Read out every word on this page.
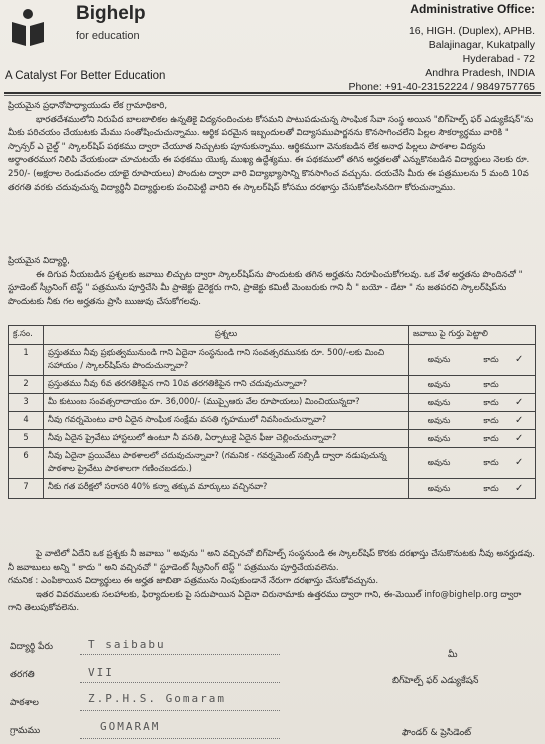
Bighelp
for education
A Catalyst For Better Education
Administrative Office:
16, HIGH. (Duplex), APHB.
Balajinagar, Kukatpally
Hyderabad - 72
Andhra Pradesh, INDIA
Phone: +91-40-23152224 / 9849757765

ప్రియమైన ప్రధానోపాధ్యాయుడు లేక గ్రామాధికారి,

భారతదేశములోని నిరుపేద బాలబాలికల ఉన్నతికై విద్యనందించుట కోసమని పాటుపడుచున్న సాంఘిక సేవా సంస్థ అయిన "బిగ్‌హెల్ప్ ఫర్ ఎడ్యుకేషన్"ను మీకు పరిచయం చేయుటకు మేము సంతోషించుచున్నాము. ఆర్థిక పరమైన ఇబ్బందులతో విద్యాసముపార్జనను కొనసాగించలేని పిల్లల సౌకర్యార్ధము వారికి " స్పాన్సర్ ఎ చైల్డ్ " స్కాలర్‌షిప్ పథకము ద్వారా చేయూత నిచ్చుటకు పూనుకున్నాము. ఆర్థికముగా వెనుకబడిన లేక అనాధ పిల్లలు పాఠశాల విద్యను అర్ధాంతరముగ నిలిపి వేయకుండా చూచుటయే ఈ పథకము యొక్క ముఖ్య ఉద్దేశ్యము. ఈ పథకములో తగిన అర్హతలతో ఎన్నుకొనబడిన విద్యార్థులు నెలకు రూ. 250/- (అక్షరాల రెండువందల యాభై రూపాయలు) పొందుట ద్వారా వారి విద్యాభ్యాసాన్ని కొనసాగించ వచ్చును. దయచేసి మీరు ఈ పత్రములను 5 మంది 10వ తరగతి వరకు చదువుచున్న విద్యార్థినీ విద్యార్థులకు పంచిపెట్టి వారిని ఈ స్కాలర్‌షిప్ కోసము దరఖాస్తు చేసుకోవలసినదిగా కోరుచున్నాము.

ప్రియమైన విద్యార్థి,

ఈ దిగువ నీయబడిన ప్రశ్నలకు జవాబు లిచ్చుట ద్వారా స్కాలర్‌షిప్‌ను పొందుటకు తగిన అర్హతను నిరూపించుకోగలవు. ఒక వేళ అర్హతను పొందినచో " స్టూడెంట్ స్క్రీనింగ్ టెస్ట్ " పత్రమును పూర్తిచేసి మీ ప్రాజెక్టు డైరెక్టరు గాని, ప్రాజెక్టు కమిటీ మెంబరుకు గాని నీ " బయో - డేటా " ను జతపరచి స్కాలర్‌షిప్‌ను పొందుటకు నీకు గల అర్హతను ప్రాసి ఋజువు చేసుకోగలవు.

క్ర.సం.	ప్రశ్నలు	జవాబు పై గుర్తు పెట్టాలి
1	ప్రస్తుతము నీవు ప్రభుత్వమునుండి గాని ఏదైనా సంస్థనుండి గాని సంవత్సరమునకు రూ. 500/-లకు మించి సహాయం / స్కాలర్‌షిప్‌ను పొందుచున్నావా?	అవును కాదు ✓
2	ప్రస్తుతము నీవు 6వ తరగతికిపైన గాని 10వ తరగతికిపైన గాని చదువుచున్నావా?	అవును కాదు
3	మీ కుటుంబ సంవత్సరాదాయం రూ. 36,000/- (ముప్పైఆరు వేల రూపాయలు) మించియున్నదా?	అవును కాదు ✓
4	నీవు గవర్నమెంటు వారి ఏదైన సాంఘిక సంక్షేమ వసతి గృహములో నివసించుచున్నావా?	అవును కాదు ✓
5	నీవు ఏదైన ప్రైవేటు హాస్టలులో ఉంటూ నీ వసతి, ఏర్పాటుకై ఏదైన ఫీజు చెల్లించుచున్నావా?	అవును కాదు ✓
6	నీవు ఏదైనా ప్రయివేటు పాఠశాలలో చదువుచున్నావా? (గమనిక - గవర్నమెంట్ సబ్సిడీ ద్వారా నడుపుచున్న పాఠశాల ప్రైవేటు పాఠశాలగా గణించబడదు.)	అవును కాదు ✓
7	నీకు గత పరీక్షలో సరాసరి 40% కన్నా తక్కువ మార్కులు వచ్చినవా?	అవును కాదు ✓

పై వాటిలో ఏదేని ఒక ప్రశ్నకు నీ జవాబు " అవును " అని వచ్చినచో బిగ్‌హెల్ప్ సంస్థనుండి ఈ స్కాలర్‌షిప్ కొరకు దరఖాస్తు చేసుకొనుటకు నీవు అనర్హుడవు. నీ జవాబులు అన్ని " కాదు " అని వచ్చినచో " స్టూడెంట్ స్క్రీనింగ్ టెస్ట్ " పత్రమును పూర్తిచేయవలెను.

గమనిక : ఎంపికాయిన విద్యార్థులు ఈ అర్హత జాబితా పత్రమును నింపుకుండానే నేరుగా దరఖాస్తు చేసుకోవచ్చును.

ఇతర వివరములకు సలహాలకు, ఫిర్యాదులకు పై సదుపాయిన ఏదైనా చిరునామాకు ఉత్తరము ద్వారా గాని, ఈ-మెయిల్ info@bighelp.org ద్వారా గాని తెలుపుకోవలెను.

విద్యార్థి పేరు	T saibabu
తరగతి	VII
పాఠశాల	Z.P.H.S. Gomaram
గ్రామము	GOMARAM
మీ
బిగ్‌హెల్ప్ ఫర్ ఎడ్యుకేషన్
ఫౌండర్ & ప్రెసిడెంట్
